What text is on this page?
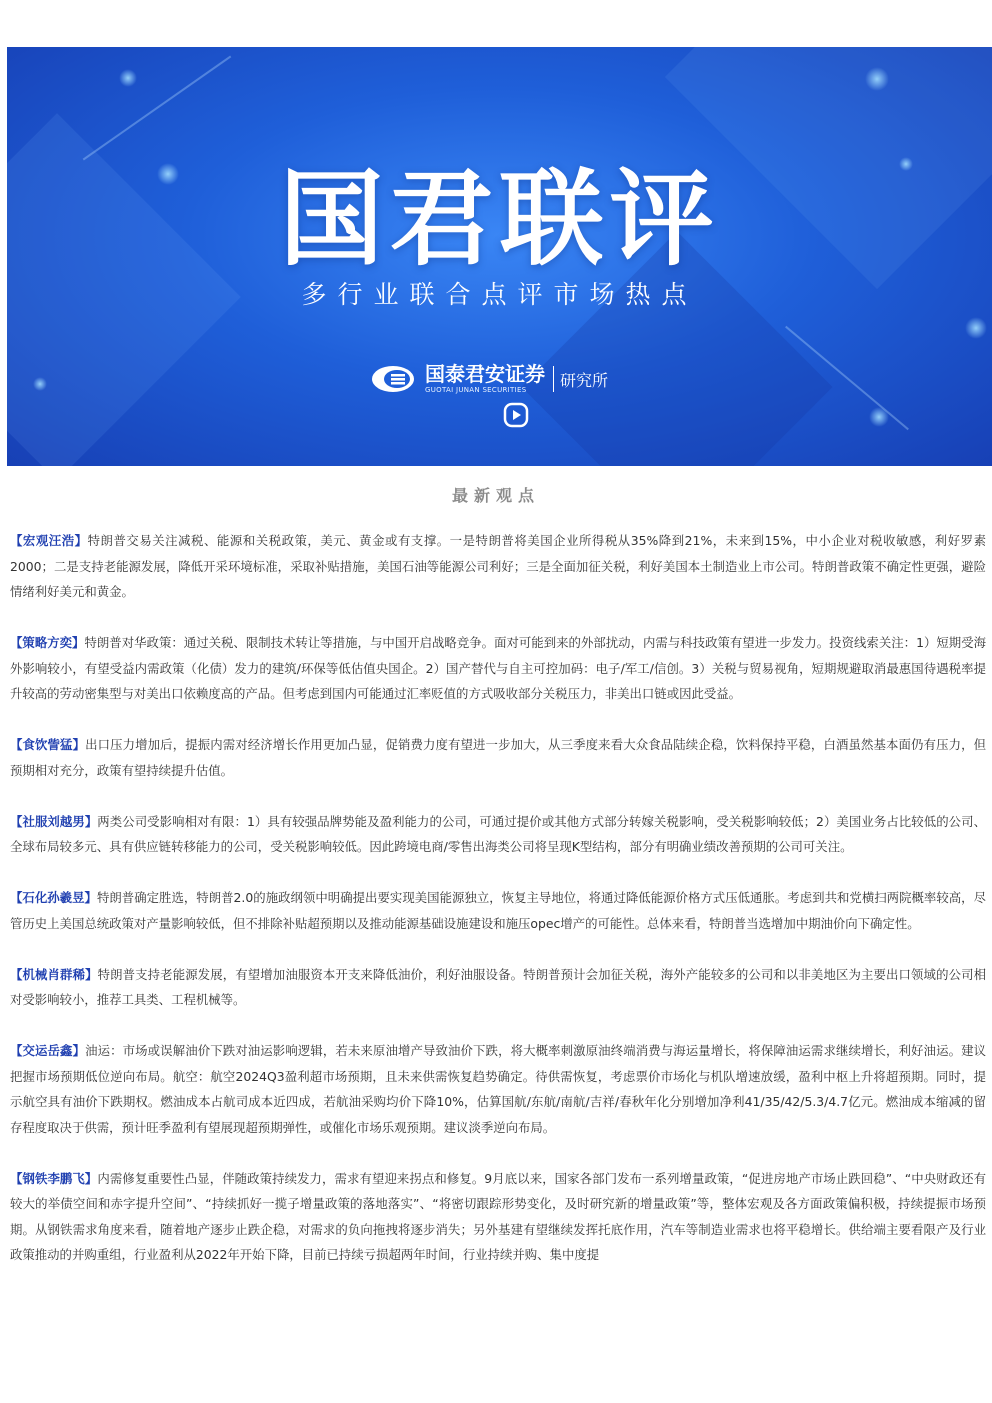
国君联评
多行业联合点评市场热点
国泰君安证券
GUOTAI JUNAN SECURITIES
研究所
最新观点

【宏观汪浩】特朗普交易关注减税、能源和关税政策，美元、黄金或有支撑。一是特朗普将美国企业所得税从35%降到21%，未来到15%，中小企业对税收敏感，利好罗素2000；二是支持老能源发展，降低开采环境标准，采取补贴措施，美国石油等能源公司利好；三是全面加征关税，利好美国本土制造业上市公司。特朗普政策不确定性更强，避险情绪利好美元和黄金。

【策略方奕】特朗普对华政策：通过关税、限制技术转让等措施，与中国开启战略竞争。面对可能到来的外部扰动，内需与科技政策有望进一步发力。投资线索关注：1）短期受海外影响较小，有望受益内需政策（化债）发力的建筑/环保等低估值央国企。2）国产替代与自主可控加码：电子/军工/信创。3）关税与贸易视角，短期规避取消最惠国待遇税率提升较高的劳动密集型与对美出口依赖度高的产品。但考虑到国内可能通过汇率贬值的方式吸收部分关税压力，非美出口链或因此受益。

【食饮訾猛】出口压力增加后，提振内需对经济增长作用更加凸显，促销费力度有望进一步加大，从三季度来看大众食品陆续企稳，饮料保持平稳，白酒虽然基本面仍有压力，但预期相对充分，政策有望持续提升估值。

【社服刘越男】两类公司受影响相对有限：1）具有较强品牌势能及盈利能力的公司，可通过提价或其他方式部分转嫁关税影响，受关税影响较低；2）美国业务占比较低的公司、全球布局较多元、具有供应链转移能力的公司，受关税影响较低。因此跨境电商/零售出海类公司将呈现K型结构，部分有明确业绩改善预期的公司可关注。

【石化孙羲昱】特朗普确定胜选，特朗普2.0的施政纲领中明确提出要实现美国能源独立，恢复主导地位，将通过降低能源价格方式压低通胀。考虑到共和党横扫两院概率较高，尽管历史上美国总统政策对产量影响较低，但不排除补贴超预期以及推动能源基础设施建设和施压opec增产的可能性。总体来看，特朗普当选增加中期油价向下确定性。

【机械肖群稀】特朗普支持老能源发展，有望增加油服资本开支来降低油价，利好油服设备。特朗普预计会加征关税，海外产能较多的公司和以非美地区为主要出口领域的公司相对受影响较小，推荐工具类、工程机械等。

【交运岳鑫】油运：市场或误解油价下跌对油运影响逻辑，若未来原油增产导致油价下跌，将大概率刺激原油终端消费与海运量增长，将保障油运需求继续增长，利好油运。建议把握市场预期低位逆向布局。航空：航空2024Q3盈利超市场预期，且未来供需恢复趋势确定。待供需恢复，考虑票价市场化与机队增速放缓，盈利中枢上升将超预期。同时，提示航空具有油价下跌期权。燃油成本占航司成本近四成，若航油采购均价下降10%，估算国航/东航/南航/吉祥/春秋年化分别增加净利41/35/42/5.3/4.7亿元。燃油成本缩减的留存程度取决于供需，预计旺季盈利有望展现超预期弹性，或催化市场乐观预期。建议淡季逆向布局。

【钢铁李鹏飞】内需修复重要性凸显，伴随政策持续发力，需求有望迎来拐点和修复。9月底以来，国家各部门发布一系列增量政策，“促进房地产市场止跌回稳”、“中央财政还有较大的举债空间和赤字提升空间”、“持续抓好一揽子增量政策的落地落实”、“将密切跟踪形势变化，及时研究新的增量政策”等，整体宏观及各方面政策偏积极，持续提振市场预期。从钢铁需求角度来看，随着地产逐步止跌企稳，对需求的负向拖拽将逐步消失；另外基建有望继续发挥托底作用，汽车等制造业需求也将平稳增长。供给端主要看限产及行业政策推动的并购重组，行业盈利从2022年开始下降，目前已持续亏损超两年时间，行业持续并购、集中度提
